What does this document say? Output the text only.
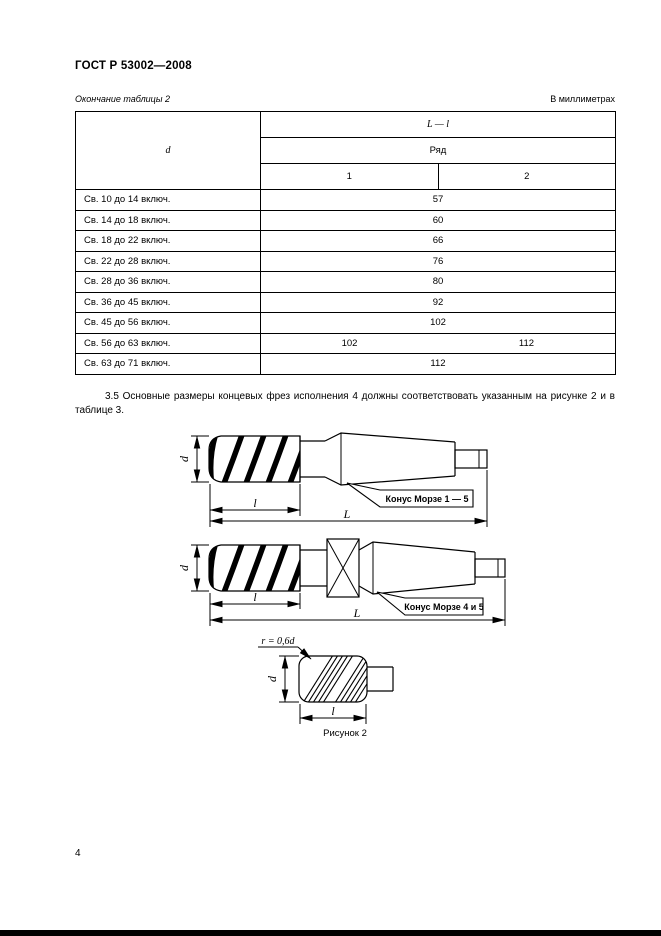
ГОСТ Р 53002—2008
Окончание таблицы 2	В миллиметрах
d	L — l	
	Ряд	
	1	2
Св. 10 до 14 включ.	57	
Св. 14 до 18 включ.	60	
Св. 18 до 22 включ.	66	
Св. 22 до 28 включ.	76	
Св. 28 до 36 включ.	80	
Св. 36 до 45 включ.	92	
Св. 45 до 56 включ.	102	
Св. 56 до 63 включ.	102	112
Св. 63 до 71 включ.	112	
3.5 Основные размеры концевых фрез исполнения 4 должны соответствовать указанным на рисунке 2 и в таблице 3.
d
l
L
Конус Морзе 1 — 5
d
l
L	Конус Морзе 4 и 5
r = 0,6d
d
l
Рисунок 2
4
